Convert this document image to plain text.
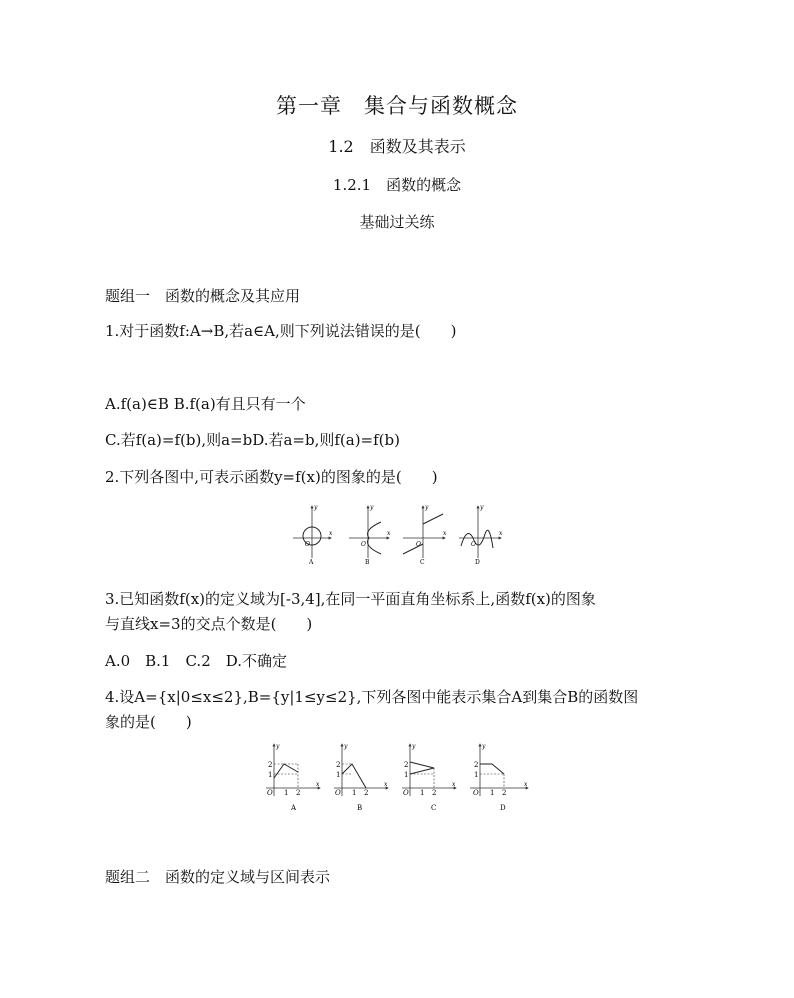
第一章　集合与函数概念
1.2　函数及其表示
1.2.1　函数的概念
基础过关练
题组一　函数的概念及其应用
1.对于函数f:A→B,若a∈A,则下列说法错误的是(　　)
A.f(a)∈B B.f(a)有且只有一个
C.若f(a)=f(b),则a=bD.若a=b,则f(a)=f(b)
2.下列各图中,可表示函数y=f(x)的图象的是(　　)
O
x
y
A
O
x
y
B
O
x
y
C
O
x
y
D
3.已知函数f(x)的定义域为[-3,4],在同一平面直角坐标系上,函数f(x)的图象
与直线x=3的交点个数是(　　)
A.0　B.1　C.2　D.不确定
4.设A={x|0≤x≤2},B={y|1≤y≤2},下列各图中能表示集合A到集合B的函数图
象的是(　　)
2
1
O 1 2
x
y
A
2
1
O 1 2
x
y
B
2
1
O 1 2
x
y
C
2
1
O 1 2
x
y
D
题组二　函数的定义域与区间表示
